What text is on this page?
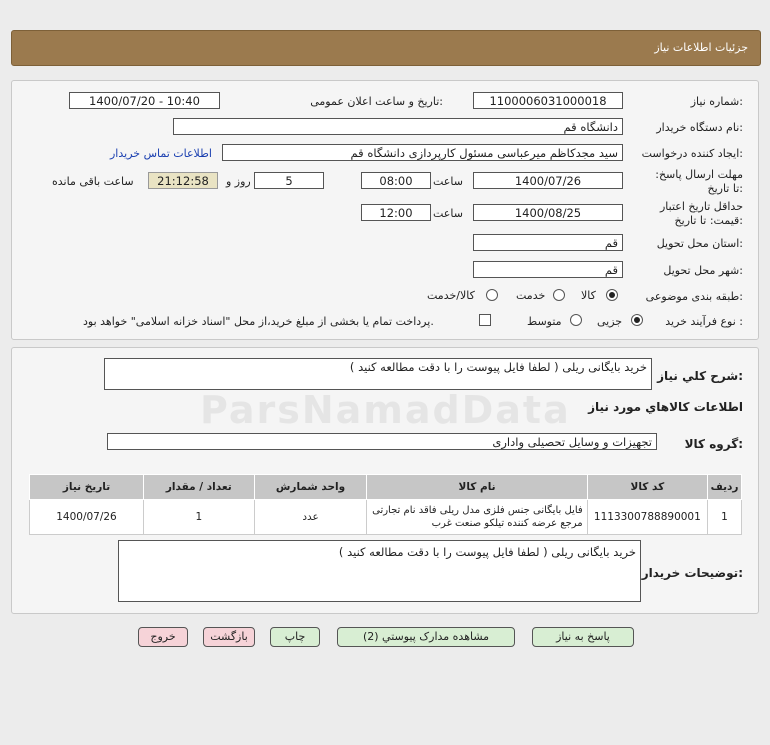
جزئیات اطلاعات نیاز
شماره نیاز:
1100006031000018
تاریخ و ساعت اعلان عمومی:
1400/07/20 - 10:40
نام دستگاه خریدار:
دانشگاه قم
ایجاد کننده درخواست:
سید مجدکاظم میرعباسی مسئول کارپردازی دانشگاه قم
اطلاعات تماس خریدار
مهلت ارسال پاسخ: تا تاریخ:
1400/07/26
ساعت
08:00
5
روز و
21:12:58
ساعت باقی مانده
حداقل تاریخ اعتبار قیمت: تا تاریخ:
1400/08/25
ساعت
12:00
استان محل تحویل:
قم
شهر محل تحویل:
قم
طبقه بندی موضوعی:
کالا
خدمت
کالا/خدمت
نوع فرآیند خرید :
جزیی
متوسط
پرداخت تمام یا بخشی از مبلغ خرید،از محل "اسناد خزانه اسلامی" خواهد بود.
شرح کلي نياز:
خرید بایگانی ریلی ( لطفا فایل پیوست را با دقت مطالعه کنید )
اطلاعات کالاهاي مورد نياز
ParsNamadData
گروه کالا:
تجهیزات و وسایل تحصیلی واداری
ردیف	کد کالا	نام کالا	واحد شمارش	تعداد / مقدار	تاریخ نیاز
1	1113300788890001	فایل بایگانی جنس فلزی مدل ریلی فاقد نام تجارتی مرجع عرضه کننده تیلکو صنعت غرب	عدد	1	1400/07/26
توضیحات خریدار:
خرید بایگانی ریلی ( لطفا فایل پیوست را با دقت مطالعه کنید )
پاسخ به نیاز
مشاهده مدارک پیوستي (2)
چاپ
بازگشت
خروج
